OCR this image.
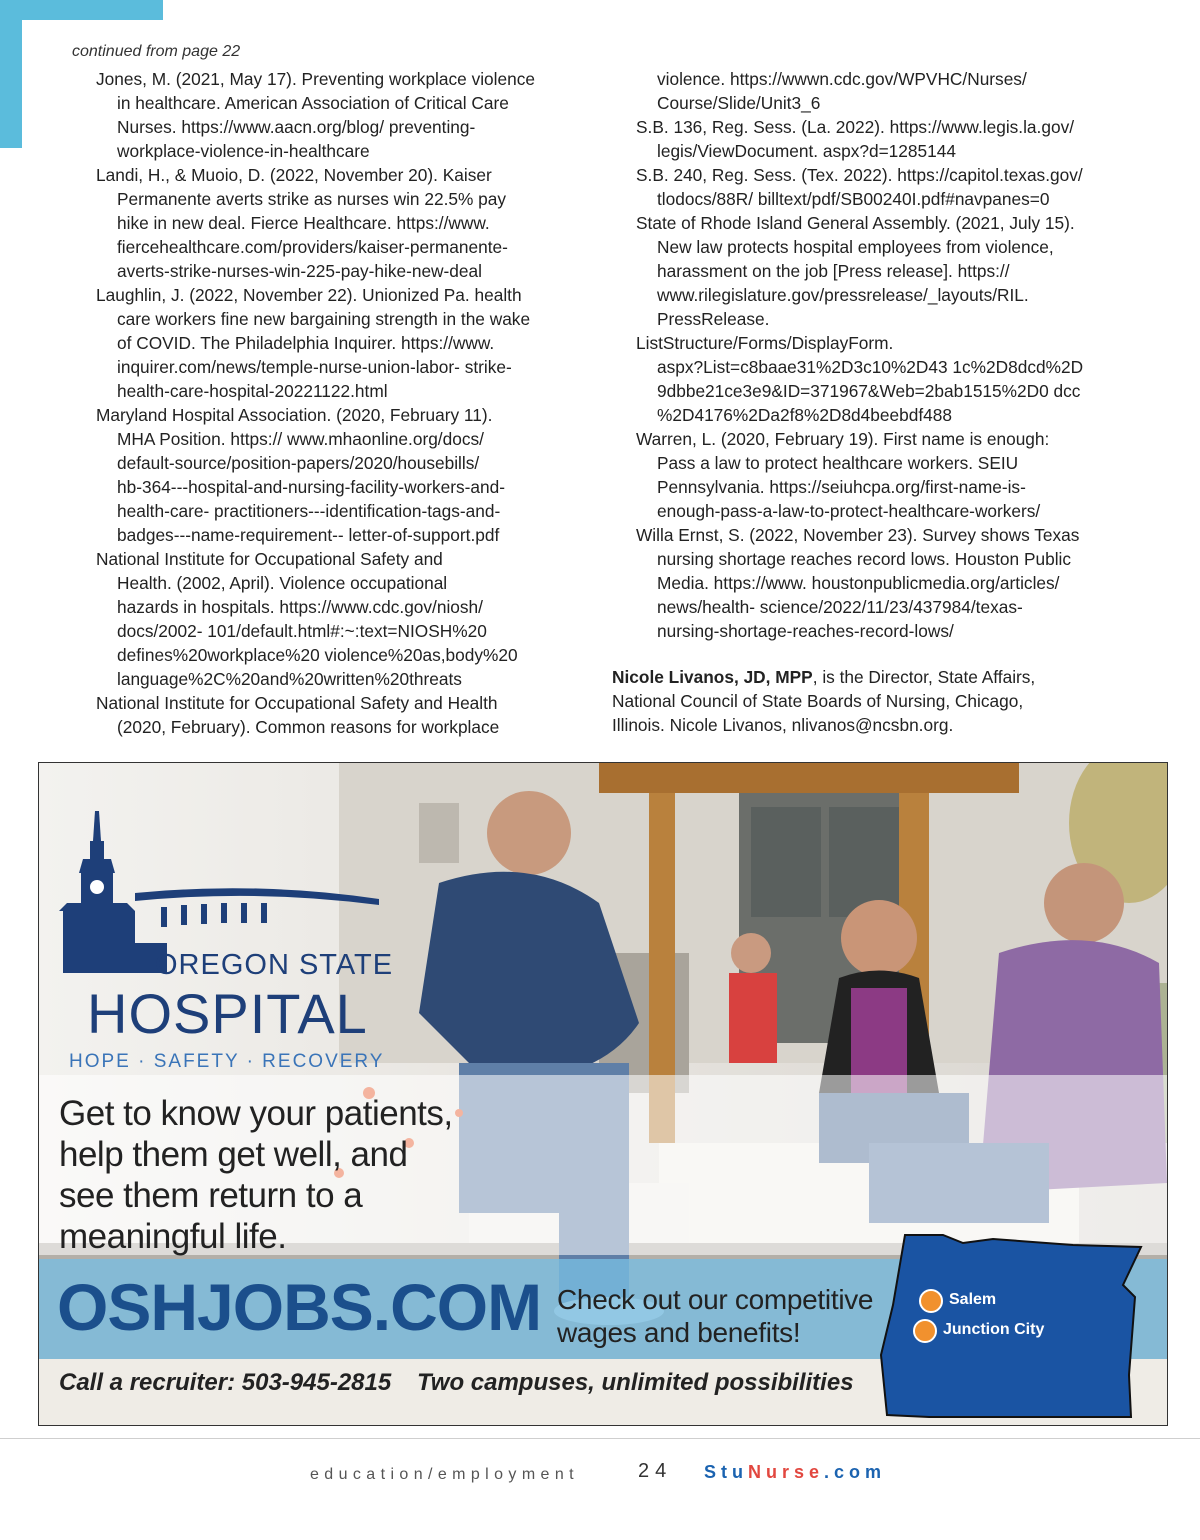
continued from page 22
Jones, M. (2021, May 17). Preventing workplace violence
in healthcare. American Association of Critical Care
Nurses. https://www.aacn.org/blog/ preventing-
workplace-violence-in-healthcare
Landi, H., & Muoio, D. (2022, November 20). Kaiser
Permanente averts strike as nurses win 22.5% pay
hike in new deal. Fierce Healthcare. https://www.
fiercehealthcare.com/providers/kaiser-permanente-
averts-strike-nurses-win-225-pay-hike-new-deal
Laughlin, J. (2022, November 22). Unionized Pa. health
care workers fine new bargaining strength in the wake
of COVID. The Philadelphia Inquirer. https://www.
inquirer.com/news/temple-nurse-union-labor- strike-
health-care-hospital-20221122.html
Maryland Hospital Association. (2020, February 11).
MHA Position. https:// www.mhaonline.org/docs/
default-source/position-papers/2020/housebills/
hb-364---hospital-and-nursing-facility-workers-and-
health-care- practitioners---identification-tags-and-
badges---name-requirement-- letter-of-support.pdf
National Institute for Occupational Safety and
Health. (2002, April). Violence occupational
hazards in hospitals. https://www.cdc.gov/niosh/
docs/2002- 101/default.html#:~:text=NIOSH%20
defines%20workplace%20 violence%20as,body%20
language%2C%20and%20written%20threats
National Institute for Occupational Safety and Health
(2020, February). Common reasons for workplace
violence. https://wwwn.cdc.gov/WPVHC/Nurses/
Course/Slide/Unit3_6
S.B. 136, Reg. Sess. (La. 2022). https://www.legis.la.gov/
legis/ViewDocument. aspx?d=1285144
S.B. 240, Reg. Sess. (Tex. 2022). https://capitol.texas.gov/
tlodocs/88R/ billtext/pdf/SB00240I.pdf#navpanes=0
State of Rhode Island General Assembly. (2021, July 15).
New law protects hospital employees from violence,
harassment on the job [Press release]. https://
www.rilegislature.gov/pressrelease/_layouts/RIL.
PressRelease.
ListStructure/Forms/DisplayForm.
aspx?List=c8baae31%2D3c10%2D43 1c%2D8dcd%2D
9dbbe21ce3e9&ID=371967&Web=2bab1515%2D0 dcc
%2D4176%2Da2f8%2D8d4beebdf488
Warren, L. (2020, February 19). First name is enough:
Pass a law to protect healthcare workers. SEIU
Pennsylvania. https://seiuhcpa.org/first-name-is-
enough-pass-a-law-to-protect-healthcare-workers/
Willa Ernst, S. (2022, November 23). Survey shows Texas
nursing shortage reaches record lows. Houston Public
Media. https://www. houstonpublicmedia.org/articles/
news/health- science/2022/11/23/437984/texas-
nursing-shortage-reaches-record-lows/
Nicole Livanos, JD, MPP, is the Director, State Affairs,
National Council of State Boards of Nursing, Chicago,
Illinois. Nicole Livanos, nlivanos@ncsbn.org.
OREGON STATE
HOSPITAL
HOPE · SAFETY · RECOVERY
Get to know your patients,
help them get well, and
see them return to a
meaningful life.
OSHJOBS.COM Check out our competitive
wages and benefits!
Call a recruiter: 503-945-2815 Two campuses, unlimited possibilities
Salem
Junction City
education/employment	24 StuNurse.com
